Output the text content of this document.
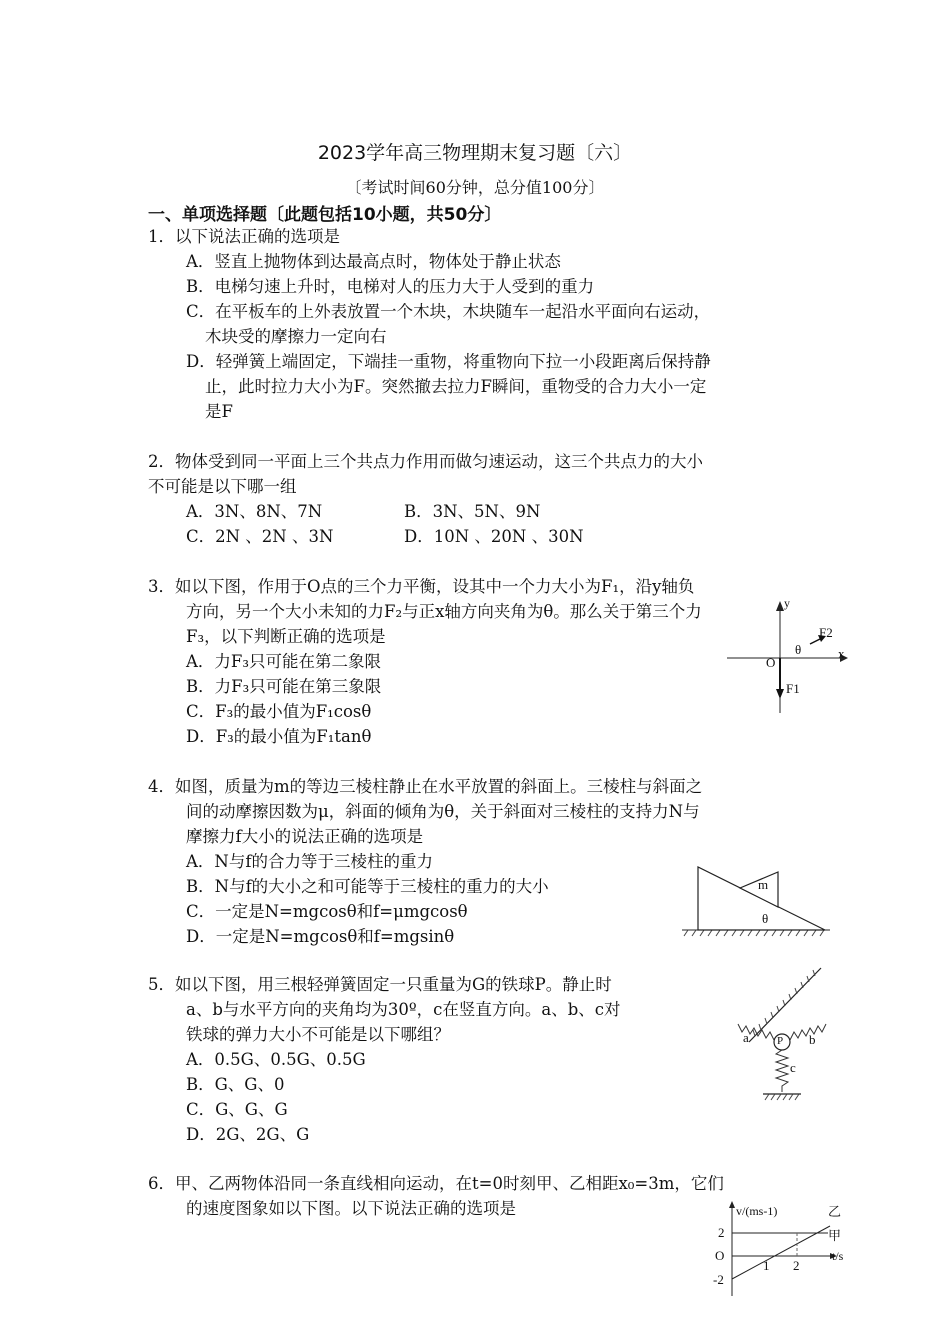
2023学年高三物理期末复习题〔六〕
〔考试时间60分钟，总分值100分〕
一、单项选择题〔此题包括10小题，共50分〕
1．以下说法正确的选项是
A．竖直上抛物体到达最高点时，物体处于静止状态
B．电梯匀速上升时，电梯对人的压力大于人受到的重力
C．在平板车的上外表放置一个木块，木块随车一起沿水平面向右运动，
木块受的摩擦力一定向右
D．轻弹簧上端固定，下端挂一重物，将重物向下拉一小段距离后保持静
止，此时拉力大小为F。突然撤去拉力F瞬间，重物受的合力大小一定
是F
2．物体受到同一平面上三个共点力作用而做匀速运动，这三个共点力的大小
不可能是以下哪一组
A．3N、8N、7N	B．3N、5N、9N
C．2N 、2N 、3N	D．10N 、20N 、30N
3．如以下图，作用于O点的三个力平衡，设其中一个力大小为F₁，沿y轴负
方向，另一个大小未知的力F₂与正x轴方向夹角为θ。那么关于第三个力
F₃，以下判断正确的选项是
A．力F₃只可能在第二象限
B．力F₃只可能在第三象限
C．F₃的最小值为F₁cosθ
D．F₃的最小值为F₁tanθ
y
x
O
θ
F1
F2
4．如图，质量为m的等边三棱柱静止在水平放置的斜面上。三棱柱与斜面之
间的动摩擦因数为μ，斜面的倾角为θ，关于斜面对三棱柱的支持力N与
摩擦力f大小的说法正确的选项是
A．N与f的合力等于三棱柱的重力
B．N与f的大小之和可能等于三棱柱的重力的大小
C．一定是N=mgcosθ和f=μmgcosθ
D．一定是N=mgcosθ和f=mgsinθ
m
θ
5．如以下图，用三根轻弹簧固定一只重量为G的铁球P。静止时
a、b与水平方向的夹角均为30º，c在竖直方向。a、b、c对
铁球的弹力大小不可能是以下哪组？
A．0.5G、0.5G、0.5G
B．G、G、0
C．G、G、G
D．2G、2G、G
a	b
c
P
6．甲、乙两物体沿同一条直线相向运动，在t=0时刻甲、乙相距x₀=3m，它们
的速度图象如以下图。以下说法正确的选项是	v/(ms-1)
t/s
O
2
-2
1 2
乙
甲
